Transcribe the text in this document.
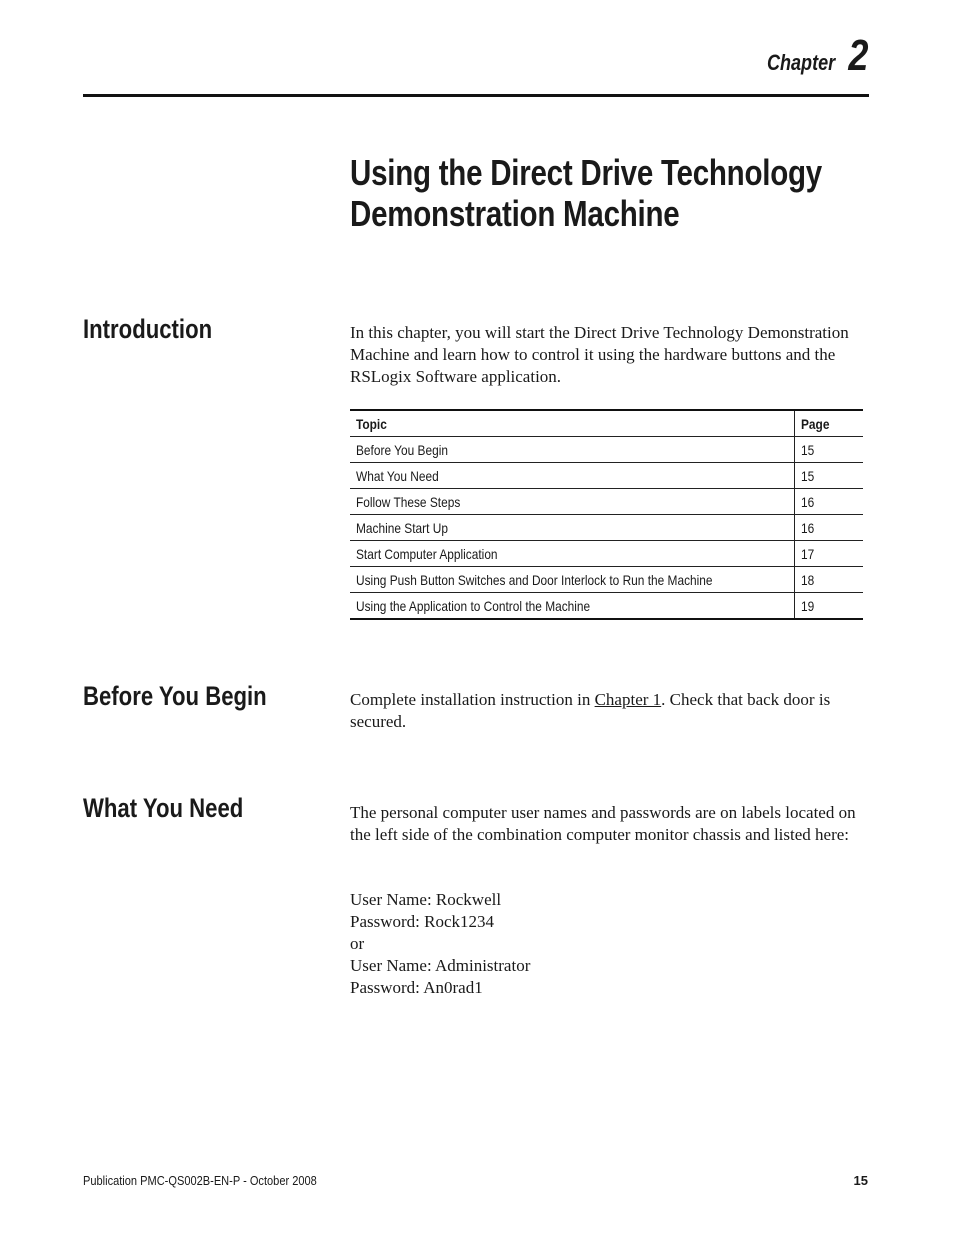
Chapter 2
Using the Direct Drive Technology
Demonstration Machine
Introduction	In this chapter, you will start the Direct Drive Technology Demonstration Machine and learn how to control it using the hardware buttons and the RSLogix Software application.

Topic	Page
Before You Begin	15
What You Need	15
Follow These Steps	16
Machine Start Up	16
Start Computer Application	17
Using Push Button Switches and Door Interlock to Run the Machine	18
Using the Application to Control the Machine	19
Before You Begin	Complete installation instruction in Chapter 1. Check that back door is secured.

What You Need	The personal computer user names and passwords are on labels located on the left side of the combination computer monitor chassis and listed here:

User Name: Rockwell
Password: Rock1234
or
User Name: Administrator
Password: An0rad1
Publication PMC-QS002B-EN-P - October 2008	15
